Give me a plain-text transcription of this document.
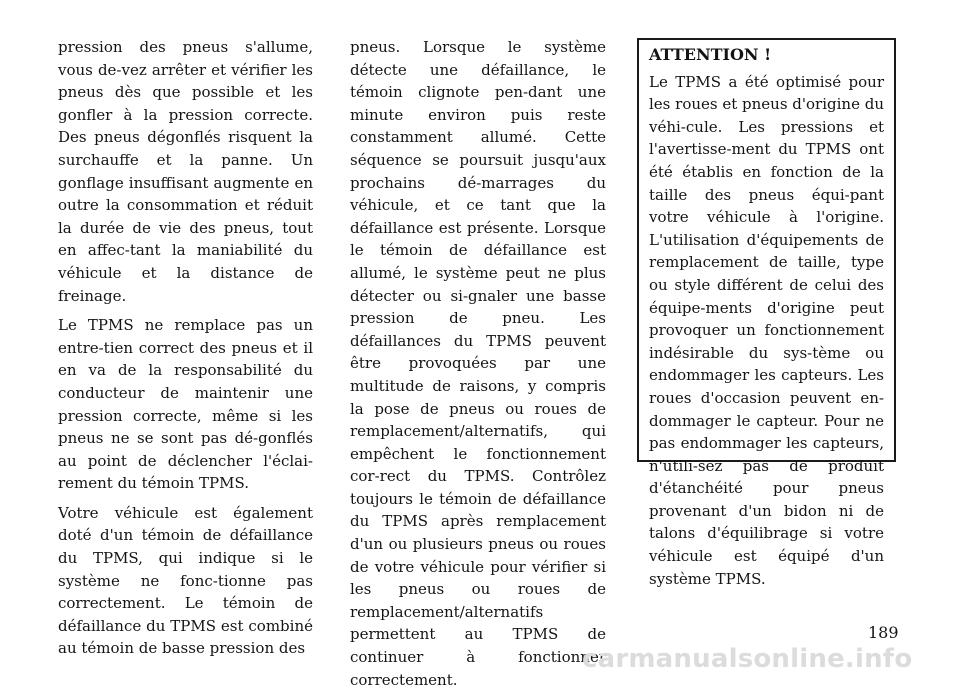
pression des pneus s'allume, vous de-vez arrêter et vérifier les pneus dès que possible et les gonfler à la pression correcte. Des pneus dégonflés risquent la surchauffe et la panne. Un gonflage insuffisant augmente en outre la consommation et réduit la durée de vie des pneus, tout en affec-tant la maniabilité du véhicule et la distance de freinage.

Le TPMS ne remplace pas un entre-tien correct des pneus et il en va de la responsabilité du conducteur de maintenir une pression correcte, même si les pneus ne se sont pas dé-gonflés au point de déclencher l'éclai-rement du témoin TPMS.

Votre véhicule est également doté d'un témoin de défaillance du TPMS, qui indique si le système ne fonc-tionne pas correctement. Le témoin de défaillance du TPMS est combiné au témoin de basse pression des

pneus. Lorsque le système détecte une défaillance, le témoin clignote pen-dant une minute environ puis reste constamment allumé. Cette séquence se poursuit jusqu'aux prochains dé-marrages du véhicule, et ce tant que la défaillance est présente. Lorsque le témoin de défaillance est allumé, le système peut ne plus détecter ou si-gnaler une basse pression de pneu. Les défaillances du TPMS peuvent être provoquées par une multitude de raisons, y compris la pose de pneus ou roues de remplacement/alternatifs, qui empêchent le fonctionnement cor-rect du TPMS. Contrôlez toujours le témoin de défaillance du TPMS après remplacement d'un ou plusieurs pneus ou roues de votre véhicule pour vérifier si les pneus ou roues de remplacement/alternatifs permettent au TPMS de continuer à fonctionner correctement.

ATTENTION !

Le TPMS a été optimisé pour les roues et pneus d'origine du véhi-cule. Les pressions et l'avertisse-ment du TPMS ont été établis en fonction de la taille des pneus équi-pant votre véhicule à l'origine. L'utilisation d'équipements de remplacement de taille, type ou style différent de celui des équipe-ments d'origine peut provoquer un fonctionnement indésirable du sys-tème ou endommager les capteurs. Les roues d'occasion peuvent en-dommager le capteur. Pour ne pas endommager les capteurs, n'utili-sez pas de produit d'étanchéité pour pneus provenant d'un bidon ni de talons d'équilibrage si votre véhicule est équipé d'un système TPMS.

189
carmanualsonline.info
